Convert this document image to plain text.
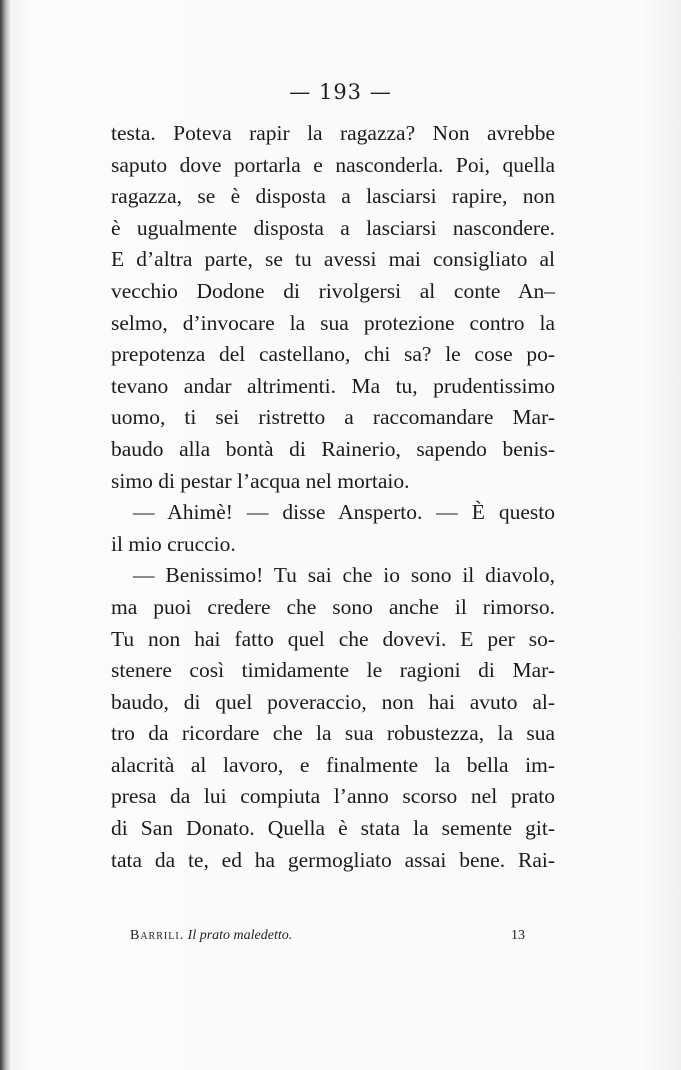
— 193 —
testa. Poteva rapir la ragazza? Non avrebbe
saputo dove portarla e nasconderla. Poi, quella
ragazza, se è disposta a lasciarsi rapire, non
è ugualmente disposta a lasciarsi nascondere.
E d’altra parte, se tu avessi mai consigliato al
vecchio Dodone di rivolgersi al conte An–
selmo, d’invocare la sua protezione contro la
prepotenza del castellano, chi sa? le cose po-
tevano andar altrimenti. Ma tu, prudentissimo
uomo, ti sei ristretto a raccomandare Mar-
baudo alla bontà di Rainerio, sapendo benis-
simo di pestar l’acqua nel mortaio.
— Ahimè! — disse Ansperto. — È questo
il mio cruccio.
— Benissimo! Tu sai che io sono il diavolo,
ma puoi credere che sono anche il rimorso.
Tu non hai fatto quel che dovevi. E per so-
stenere così timidamente le ragioni di Mar-
baudo, di quel poveraccio, non hai avuto al-
tro da ricordare che la sua robustezza, la sua
alacrità al lavoro, e finalmente la bella im-
presa da lui compiuta l’anno scorso nel prato
di San Donato. Quella è stata la semente git-
tata da te, ed ha germogliato assai bene. Rai-
Barrili. Il prato maledetto.	13
